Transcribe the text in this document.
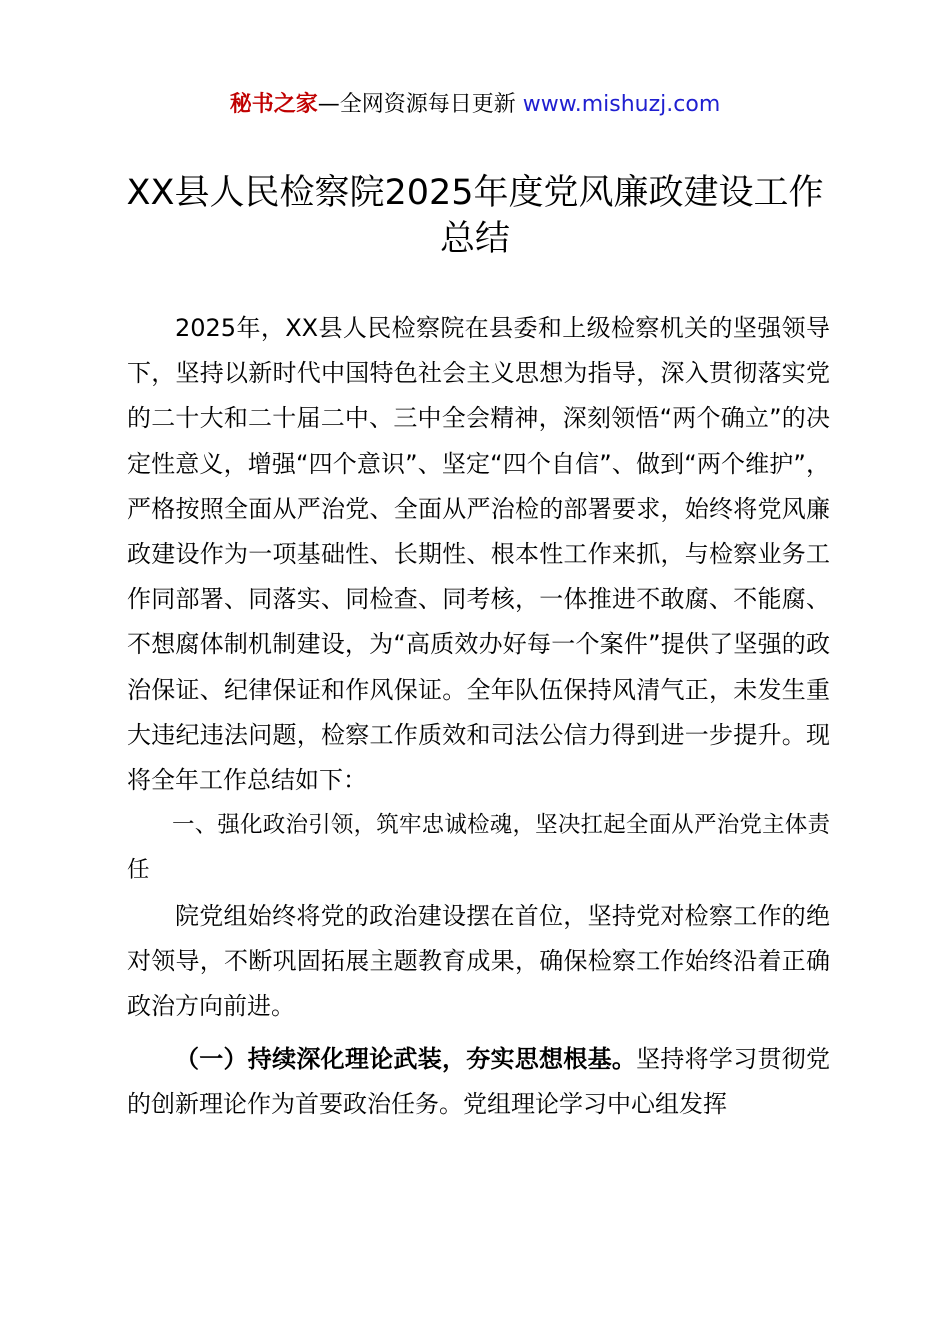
秘书之家—全网资源每日更新 www.mishuzj.com
XX县人民检察院2025年度党风廉政建设工作总结

2025年，XX县人民检察院在县委和上级检察机关的坚强领导下，坚持以新时代中国特色社会主义思想为指导，深入贯彻落实党的二十大和二十届二中、三中全会精神，深刻领悟“两个确立”的决定性意义，增强“四个意识”、坚定“四个自信”、做到“两个维护”，严格按照全面从严治党、全面从严治检的部署要求，始终将党风廉政建设作为一项基础性、长期性、根本性工作来抓，与检察业务工作同部署、同落实、同检查、同考核，一体推进不敢腐、不能腐、不想腐体制机制建设，为“高质效办好每一个案件”提供了坚强的政治保证、纪律保证和作风保证。全年队伍保持风清气正，未发生重大违纪违法问题，检察工作质效和司法公信力得到进一步提升。现将全年工作总结如下：

一、强化政治引领，筑牢忠诚检魂，坚决扛起全面从严治党主体责任

院党组始终将党的政治建设摆在首位，坚持党对检察工作的绝对领导，不断巩固拓展主题教育成果，确保检察工作始终沿着正确政治方向前进。

（一）持续深化理论武装，夯实思想根基。坚持将学习贯彻党的创新理论作为首要政治任务。党组理论学习中心组发挥
